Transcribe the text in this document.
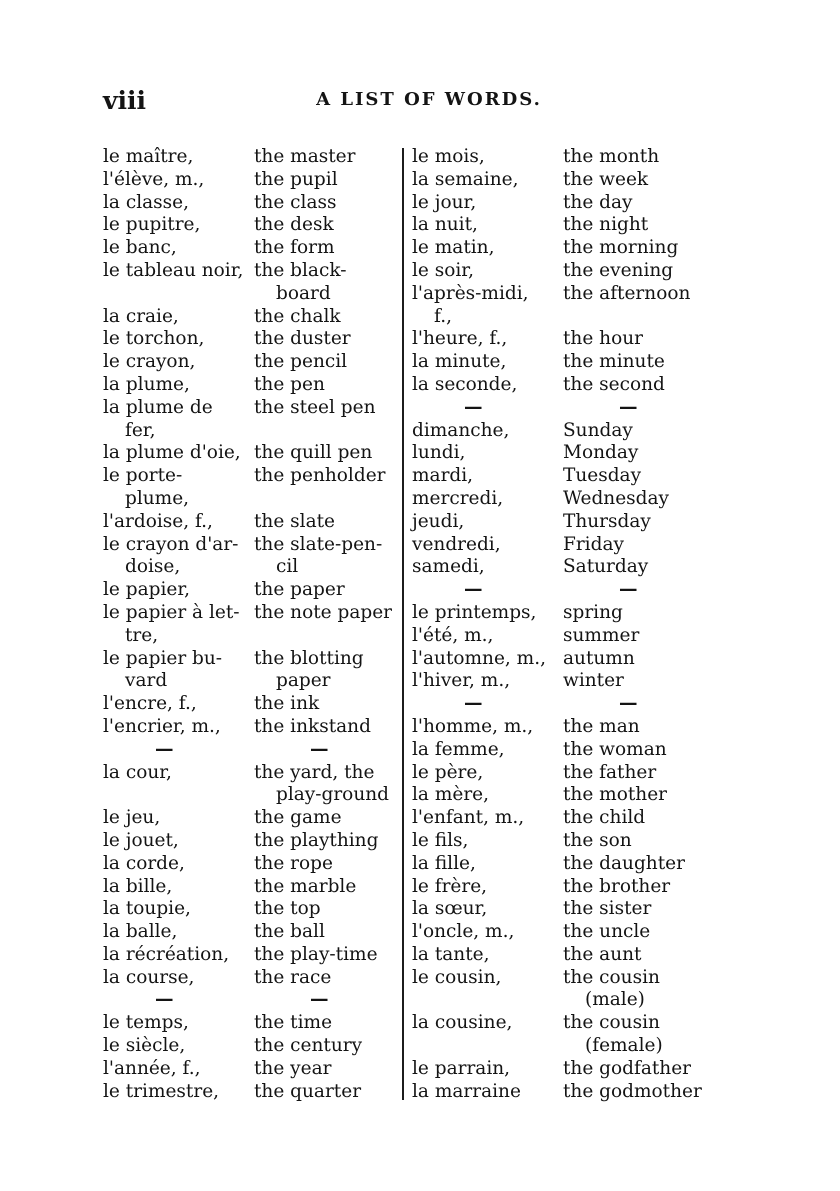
viii	A LIST OF WORDS.
le maître,	the master
l'élève, m.,	the pupil
la classe,	the class
le pupitre,	the desk
le banc,	the form
le tableau noir, the black-
board
la craie,	the chalk
le torchon,	the duster
le crayon,	the pencil
la plume,	the pen
la plume de
fer,
the steel pen
la plume d'oie, the quill pen
le porte-
plume,
the penholder
l'ardoise, f.,	the slate
le crayon d'ar-
doise,
the slate-pen-
cil
le papier,	the paper
le papier à let-
tre,
the note paper
le papier bu-
vard
the blotting
paper
l'encre, f.,	the ink
l'encrier, m.,	the inkstand
—	—
la cour,	the yard, the
play-ground
le jeu,	the game
le jouet,	the plaything
la corde,	the rope
la bille,	the marble
la toupie,	the top
la balle,	the ball
la récréation,	the play-time
la course,	the race
—	—
le temps,	the time
le siècle,	the century
l'année, f.,	the year
le trimestre,	the quarter
le mois,	the month
la semaine,	the week
le jour,	the day
la nuit,	the night
le matin,	the morning
le soir,	the evening
l'après-midi,
f.,
the afternoon
l'heure, f.,	the hour
la minute,	the minute
la seconde,	the second
—	—
dimanche,	Sunday
lundi,	Monday
mardi,	Tuesday
mercredi,	Wednesday
jeudi,	Thursday
vendredi,	Friday
samedi,	Saturday
—	—
le printemps,	spring
l'été, m.,	summer
l'automne, m., autumn
l'hiver, m.,	winter
—	—
l'homme, m.,	the man
la femme,	the woman
le père,	the father
la mère,	the mother
l'enfant, m.,	the child
le fils,	the son
la fille,	the daughter
le frère,	the brother
la sœur,	the sister
l'oncle, m.,	the uncle
la tante,	the aunt
le cousin,	the cousin
(male)
la cousine,	the cousin
(female)
le parrain,	the godfather
la marraine	the godmother
